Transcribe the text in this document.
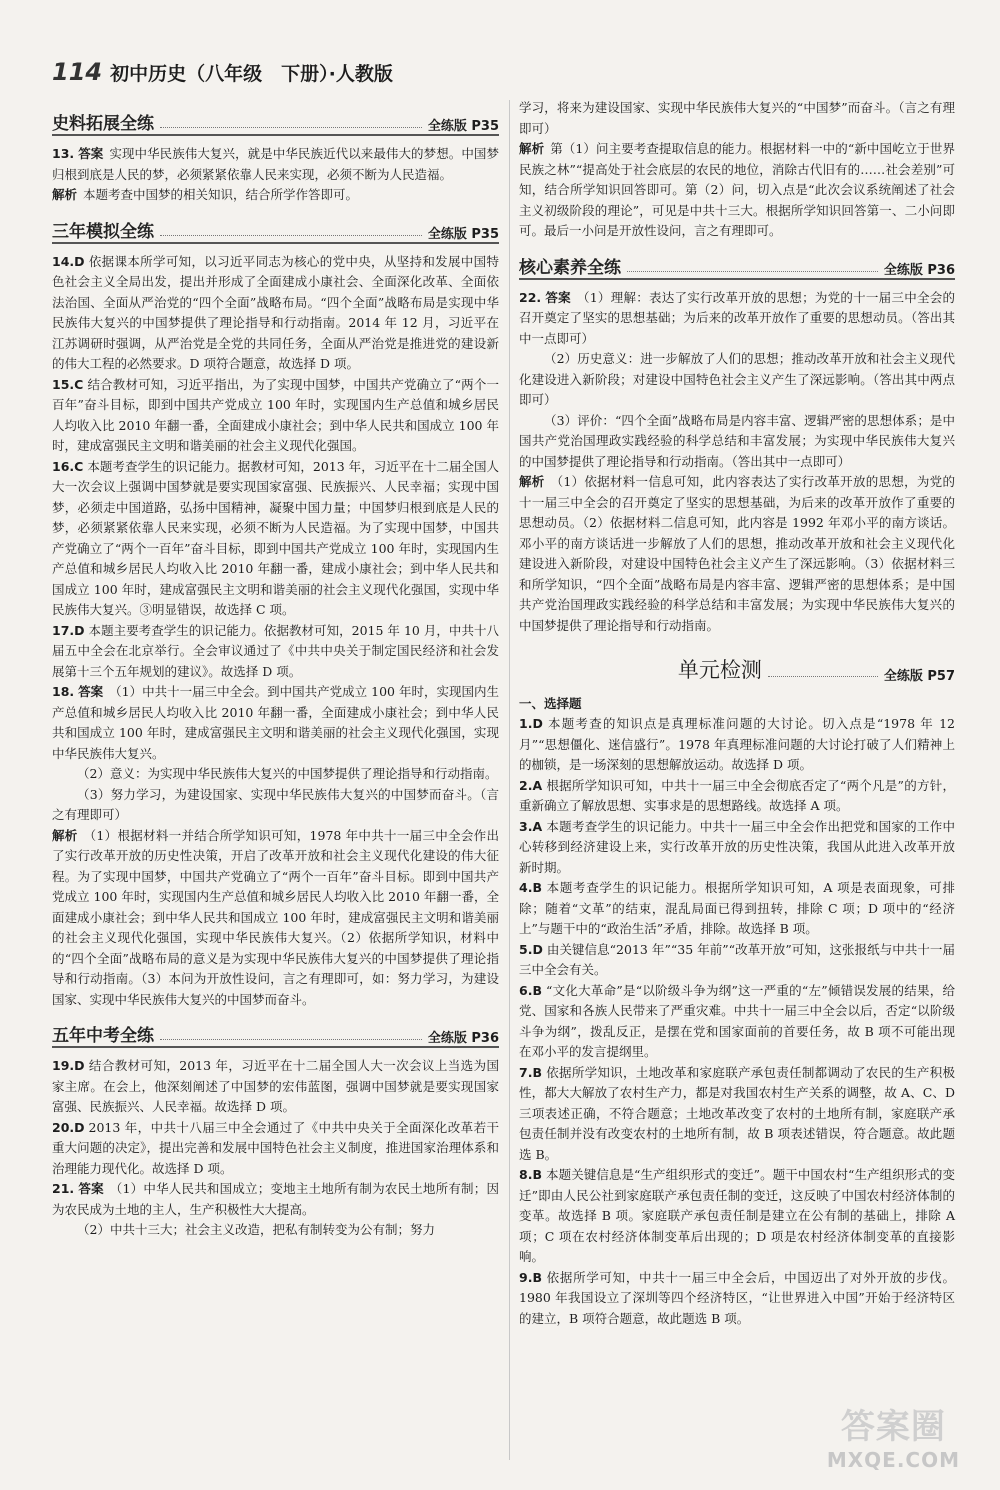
114 初中历史（八年级　下册）·人教版
史料拓展全练	全练版 P35

13. 答案 实现中华民族伟大复兴，就是中华民族近代以来最伟大的梦想。中国梦归根到底是人民的梦，必须紧紧依靠人民来实现，必须不断为人民造福。

解析 本题考查中国梦的相关知识，结合所学作答即可。

三年模拟全练	全练版 P35

14.D 依据课本所学可知，以习近平同志为核心的党中央，从坚持和发展中国特色社会主义全局出发，提出并形成了全面建成小康社会、全面深化改革、全面依法治国、全面从严治党的“四个全面”战略布局。“四个全面”战略布局是实现中华民族伟大复兴的中国梦提供了理论指导和行动指南。2014 年 12 月，习近平在江苏调研时强调，从严治党是全党的共同任务，全面从严治党是推进党的建设新的伟大工程的必然要求。D 项符合题意，故选择 D 项。

15.C 结合教材可知，习近平指出，为了实现中国梦，中国共产党确立了“两个一百年”奋斗目标，即到中国共产党成立 100 年时，实现国内生产总值和城乡居民人均收入比 2010 年翻一番，全面建成小康社会；到中华人民共和国成立 100 年时，建成富强民主文明和谐美丽的社会主义现代化强国。

16.C 本题考查学生的识记能力。据教材可知，2013 年，习近平在十二届全国人大一次会议上强调中国梦就是要实现国家富强、民族振兴、人民幸福；实现中国梦，必须走中国道路，弘扬中国精神，凝聚中国力量；中国梦归根到底是人民的梦，必须紧紧依靠人民来实现，必须不断为人民造福。为了实现中国梦，中国共产党确立了“两个一百年”奋斗目标，即到中国共产党成立 100 年时，实现国内生产总值和城乡居民人均收入比 2010 年翻一番，建成小康社会；到中华人民共和国成立 100 年时，建成富强民主文明和谐美丽的社会主义现代化强国，实现中华民族伟大复兴。③明显错误，故选择 C 项。

17.D 本题主要考查学生的识记能力。依据教材可知，2015 年 10 月，中共十八届五中全会在北京举行。全会审议通过了《中共中央关于制定国民经济和社会发展第十三个五年规划的建议》。故选择 D 项。

18. 答案 （1）中共十一届三中全会。到中国共产党成立 100 年时，实现国内生产总值和城乡居民人均收入比 2010 年翻一番，全面建成小康社会；到中华人民共和国成立 100 年时，建成富强民主文明和谐美丽的社会主义现代化强国，实现中华民族伟大复兴。

（2）意义：为实现中华民族伟大复兴的中国梦提供了理论指导和行动指南。

（3）努力学习，为建设国家、实现中华民族伟大复兴的中国梦而奋斗。（言之有理即可）

解析 （1）根据材料一并结合所学知识可知，1978 年中共十一届三中全会作出了实行改革开放的历史性决策，开启了改革开放和社会主义现代化建设的伟大征程。为了实现中国梦，中国共产党确立了“两个一百年”奋斗目标。即到中国共产党成立 100 年时，实现国内生产总值和城乡居民人均收入比 2010 年翻一番，全面建成小康社会；到中华人民共和国成立 100 年时，建成富强民主文明和谐美丽的社会主义现代化强国，实现中华民族伟大复兴。（2）依据所学知识，材料中的“四个全面”战略布局的意义是为实现中华民族伟大复兴的中国梦提供了理论指导和行动指南。（3）本问为开放性设问，言之有理即可，如：努力学习，为建设国家、实现中华民族伟大复兴的中国梦而奋斗。

五年中考全练	全练版 P36

19.D 结合教材可知，2013 年，习近平在十二届全国人大一次会议上当选为国家主席。在会上，他深刻阐述了中国梦的宏伟蓝图，强调中国梦就是要实现国家富强、民族振兴、人民幸福。故选择 D 项。

20.D 2013 年，中共十八届三中全会通过了《中共中央关于全面深化改革若干重大问题的决定》，提出完善和发展中国特色社会主义制度，推进国家治理体系和治理能力现代化。故选择 D 项。

21. 答案 （1）中华人民共和国成立；变地主土地所有制为农民土地所有制；因为农民成为土地的主人，生产积极性大大提高。

（2）中共十三大；社会主义改造，把私有制转变为公有制；努力

学习，将来为建设国家、实现中华民族伟大复兴的“中国梦”而奋斗。（言之有理即可）

解析 第（1）问主要考查提取信息的能力。根据材料一中的“新中国屹立于世界民族之林”“提高处于社会底层的农民的地位，消除古代旧有的……社会差别”可知，结合所学知识回答即可。第（2）问，切入点是“此次会议系统阐述了社会主义初级阶段的理论”，可见是中共十三大。根据所学知识回答第一、二小问即可。最后一小问是开放性设问，言之有理即可。

核心素养全练	全练版 P36

22. 答案 （1）理解：表达了实行改革开放的思想；为党的十一届三中全会的召开奠定了坚实的思想基础；为后来的改革开放作了重要的思想动员。（答出其中一点即可）

（2）历史意义：进一步解放了人们的思想；推动改革开放和社会主义现代化建设进入新阶段；对建设中国特色社会主义产生了深远影响。（答出其中两点即可）

（3）评价：“四个全面”战略布局是内容丰富、逻辑严密的思想体系；是中国共产党治国理政实践经验的科学总结和丰富发展；为实现中华民族伟大复兴的中国梦提供了理论指导和行动指南。（答出其中一点即可）

解析 （1）依据材料一信息可知，此内容表达了实行改革开放的思想，为党的十一届三中全会的召开奠定了坚实的思想基础，为后来的改革开放作了重要的思想动员。（2）依据材料二信息可知，此内容是 1992 年邓小平的南方谈话。邓小平的南方谈话进一步解放了人们的思想，推动改革开放和社会主义现代化建设进入新阶段，对建设中国特色社会主义产生了深远影响。（3）依据材料三和所学知识，“四个全面”战略布局是内容丰富、逻辑严密的思想体系；是中国共产党治国理政实践经验的科学总结和丰富发展；为实现中华民族伟大复兴的中国梦提供了理论指导和行动指南。

单元检测	全练版 P57
一、选择题

1.D 本题考查的知识点是真理标准问题的大讨论。切入点是“1978 年 12 月”“思想僵化、迷信盛行”。1978 年真理标准问题的大讨论打破了人们精神上的枷锁，是一场深刻的思想解放运动。故选择 D 项。

2.A 根据所学知识可知，中共十一届三中全会彻底否定了“两个凡是”的方针，重新确立了解放思想、实事求是的思想路线。故选择 A 项。

3.A 本题考查学生的识记能力。中共十一届三中全会作出把党和国家的工作中心转移到经济建设上来，实行改革开放的历史性决策，我国从此进入改革开放新时期。

4.B 本题考查学生的识记能力。根据所学知识可知，A 项是表面现象，可排除；随着“文革”的结束，混乱局面已得到扭转，排除 C 项；D 项中的“经济上”与题干中的“政治生活”矛盾，排除。故选择 B 项。

5.D 由关键信息“2013 年”“35 年前”“改革开放”可知，这张报纸与中共十一届三中全会有关。

6.B “文化大革命”是“以阶级斗争为纲”这一严重的“左”倾错误发展的结果，给党、国家和各族人民带来了严重灾难。中共十一届三中全会以后，否定“以阶级斗争为纲”，拨乱反正，是摆在党和国家面前的首要任务，故 B 项不可能出现在邓小平的发言提纲里。

7.B 依据所学知识，土地改革和家庭联产承包责任制都调动了农民的生产积极性，都大大解放了农村生产力，都是对我国农村生产关系的调整，故 A、C、D 三项表述正确，不符合题意；土地改革改变了农村的土地所有制，家庭联产承包责任制并没有改变农村的土地所有制，故 B 项表述错误，符合题意。故此题选 B。

8.B 本题关键信息是“生产组织形式的变迁”。题干中国农村“生产组织形式的变迁”即由人民公社到家庭联产承包责任制的变迁，这反映了中国农村经济体制的变革。故选择 B 项。家庭联产承包责任制是建立在公有制的基础上，排除 A 项；C 项在农村经济体制变革后出现的；D 项是农村经济体制变革的直接影响。

9.B 依据所学可知，中共十一届三中全会后，中国迈出了对外开放的步伐。1980 年我国设立了深圳等四个经济特区，“让世界进入中国”开始于经济特区的建立，B 项符合题意，故此题选 B 项。

答案圈
MXQE.COM
